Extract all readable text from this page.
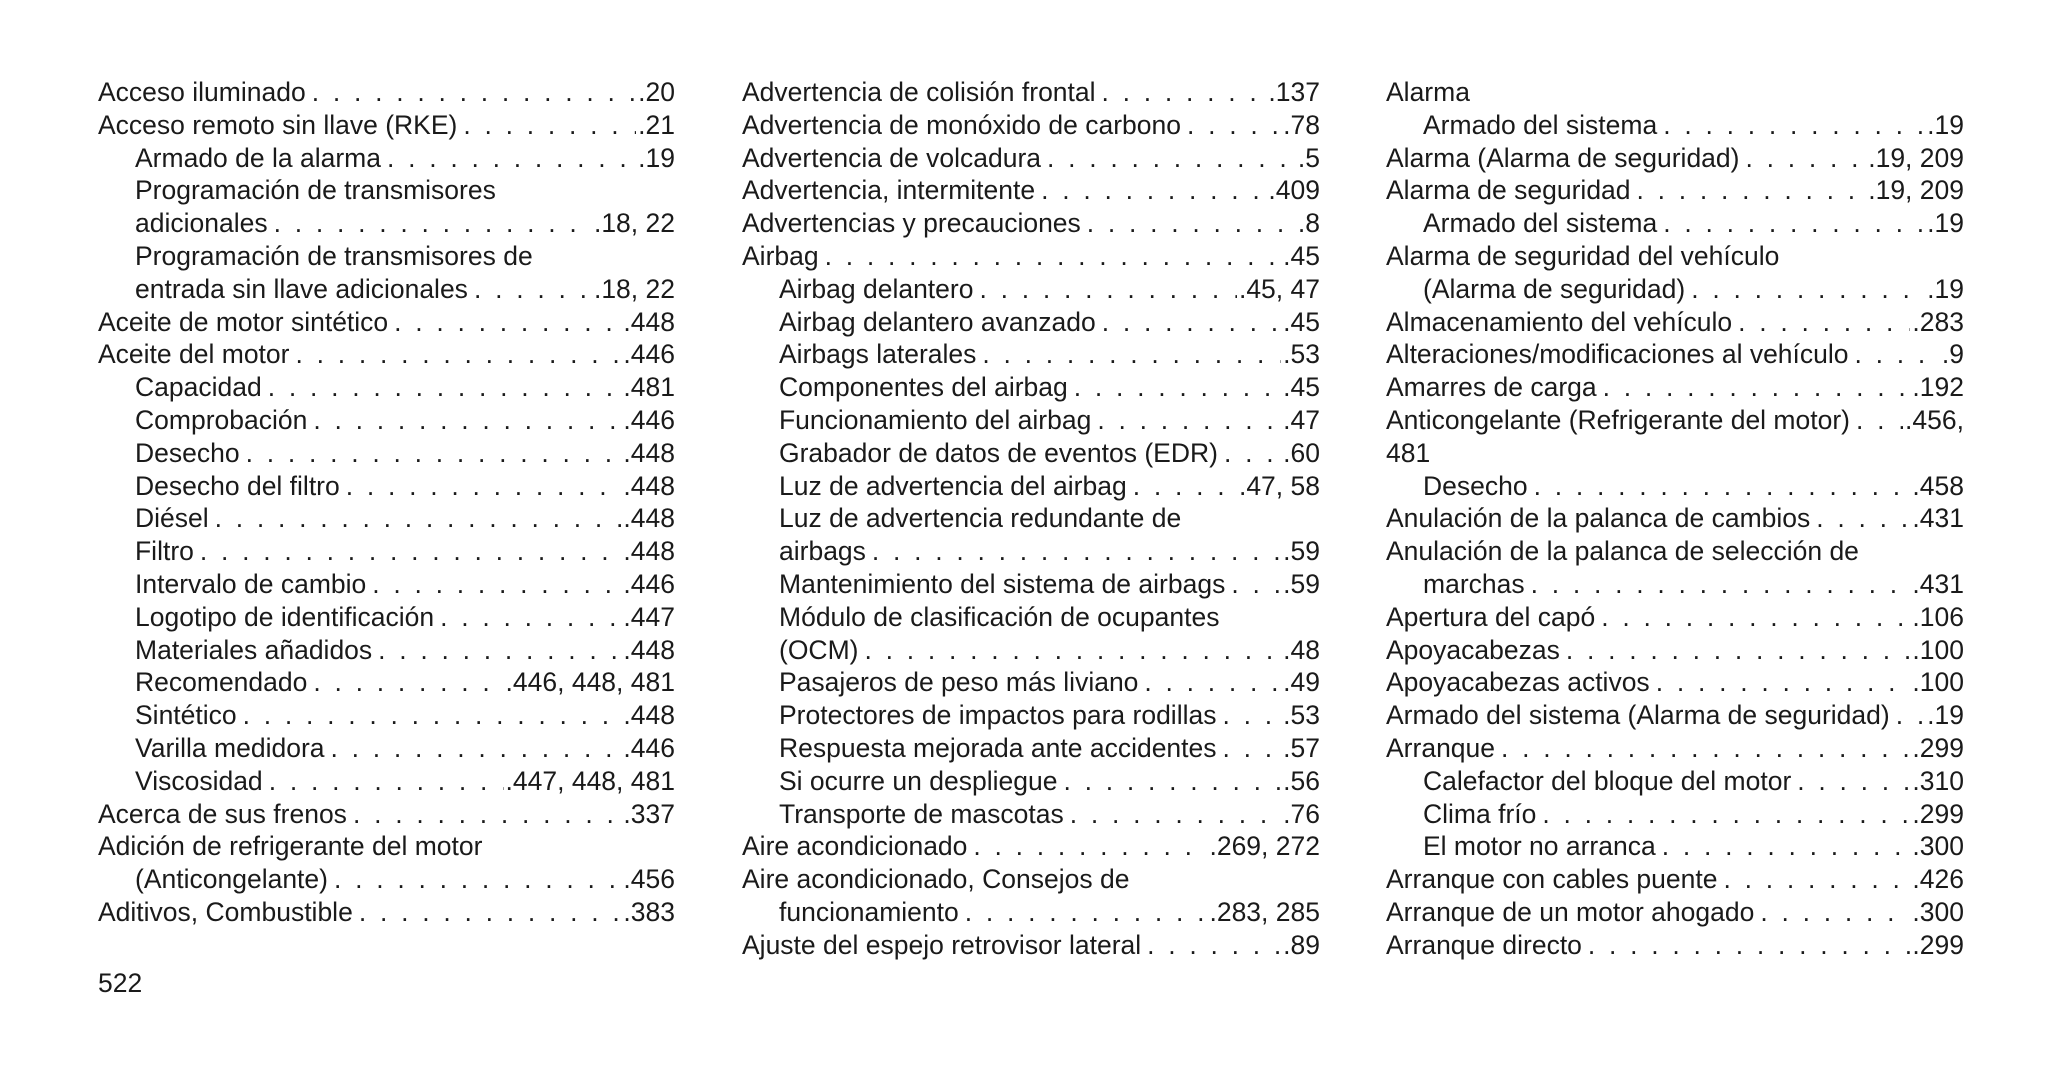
Acceso iluminado . . .	.20
Acceso remoto sin llave (RKE) . . .	.21
Armado de la alarma . . .	.19
Programación de transmisores
adicionales . . .	.18, 22
Programación de transmisores de
entrada sin llave adicionales . . .	.18, 22
Aceite de motor sintético . . .	.448
Aceite del motor . . .	.446
Capacidad . . .	.481
Comprobación . . .	.446
Desecho . . .	.448
Desecho del filtro . . .	.448
Diésel . . .	.448
Filtro . . .	.448
Intervalo de cambio . . .	.446
Logotipo de identificación . . .	.447
Materiales añadidos . . .	.448
Recomendado . . .	.446, 448, 481
Sintético . . .	.448
Varilla medidora . . .	.446
Viscosidad . . .	.447, 448, 481
Acerca de sus frenos . . .	.337
Adición de refrigerante del motor
(Anticongelante) . . .	.456
Aditivos, Combustible . . .	.383
Advertencia de colisión frontal . . .	.137
Advertencia de monóxido de carbono . . .	.78
Advertencia de volcadura . . .	.5
Advertencia, intermitente . . .	.409
Advertencias y precauciones . . .	.8
Airbag . . .	.45
Airbag delantero . . .	.45, 47
Airbag delantero avanzado . . .	.45
Airbags laterales . . .	.53
Componentes del airbag . . .	.45
Funcionamiento del airbag . . .	.47
Grabador de datos de eventos (EDR) . . . .60
Luz de advertencia del airbag . . .	.47, 58
Luz de advertencia redundante de
airbags . . .	.59
Mantenimiento del sistema de airbags . . . .59
Módulo de clasificación de ocupantes
(OCM) . . .	.48
Pasajeros de peso más liviano . . .	.49
Protectores de impactos para rodillas . . .	.53
Respuesta mejorada ante accidentes . . .	.57
Si ocurre un despliegue . . .	.56
Transporte de mascotas . . .	.76
Aire acondicionado . . .	.269, 272
Aire acondicionado, Consejos de
funcionamiento . . .	.283, 285
Ajuste del espejo retrovisor lateral . . .	.89
Alarma
Armado del sistema . . .	.19
Alarma (Alarma de seguridad) . . .	.19, 209
Alarma de seguridad . . .	.19, 209
Armado del sistema . . .	.19
Alarma de seguridad del vehículo
(Alarma de seguridad) . . .	.19
Almacenamiento del vehículo . . .	.283
Alteraciones/modificaciones al vehículo . . .	.9
Amarres de carga . . .	.192
Anticongelante (Refrigerante del motor) . . . .456,
481
Desecho . . .	.458
Anulación de la palanca de cambios . . .	.431
Anulación de la palanca de selección de
marchas . . .	.431
Apertura del capó . . .	.106
Apoyacabezas . . .	.100
Apoyacabezas activos . . .	.100
Armado del sistema (Alarma de seguridad) . . . .19
Arranque . . .	.299
Calefactor del bloque del motor . . .	.310
Clima frío . . .	.299
El motor no arranca . . .	.300
Arranque con cables puente . . .	.426
Arranque de un motor ahogado . . .	.300
Arranque directo . . .	.299
522
